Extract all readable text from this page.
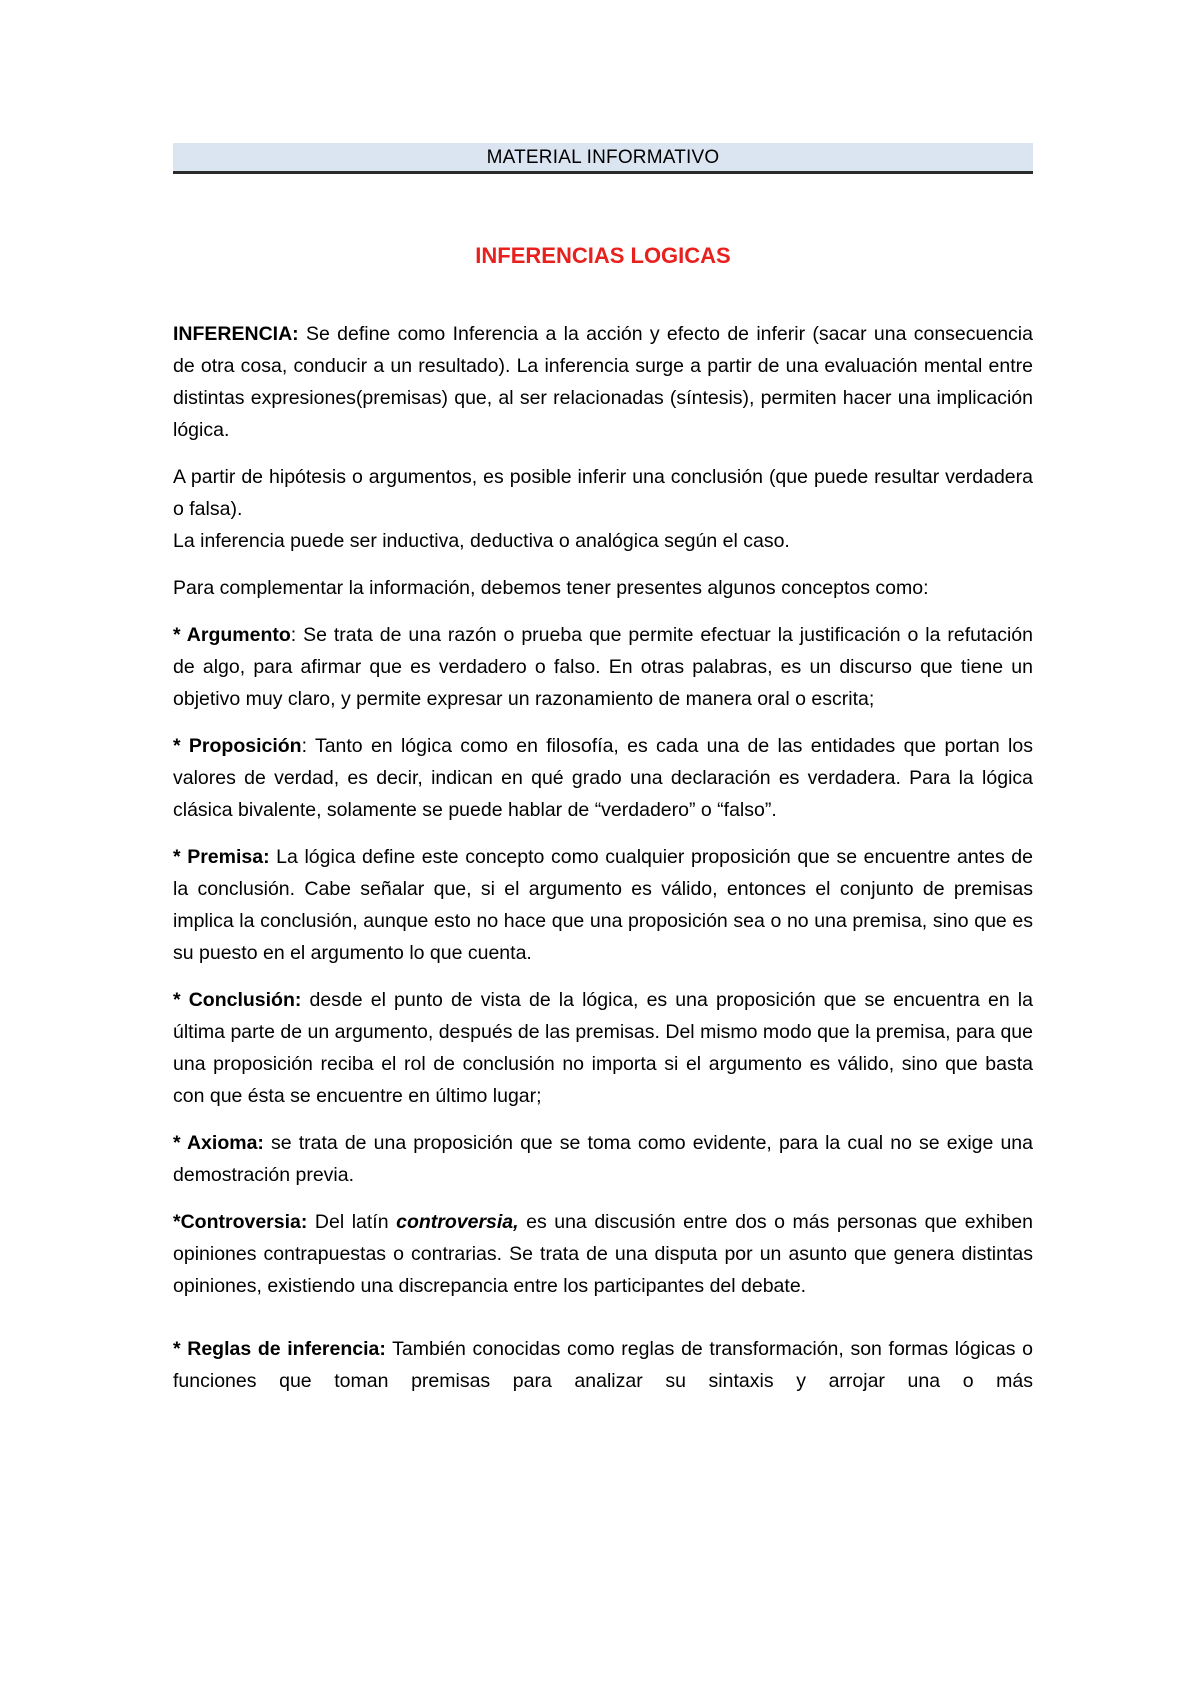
MATERIAL INFORMATIVO
INFERENCIAS LOGICAS

INFERENCIA: Se define como Inferencia a la acción y efecto de inferir (sacar una consecuencia de otra cosa, conducir a un resultado). La inferencia surge a partir de una evaluación mental entre distintas expresiones(premisas) que, al ser relacionadas (síntesis), permiten hacer una implicación lógica.

A partir de hipótesis o argumentos, es posible inferir una conclusión (que puede resultar verdadera o falsa).

La inferencia puede ser inductiva, deductiva o analógica según el caso.

Para complementar la información, debemos tener presentes algunos conceptos como:

* Argumento: Se trata de una razón o prueba que permite efectuar la justificación o la refutación de algo, para afirmar que es verdadero o falso. En otras palabras, es un discurso que tiene un objetivo muy claro, y permite expresar un razonamiento de manera oral o escrita;

* Proposición: Tanto en lógica como en filosofía, es cada una de las entidades que portan los valores de verdad, es decir, indican en qué grado una declaración es verdadera. Para la lógica clásica bivalente, solamente se puede hablar de “verdadero” o “falso”.

* Premisa: La lógica define este concepto como cualquier proposición que se encuentre antes de la conclusión. Cabe señalar que, si el argumento es válido, entonces el conjunto de premisas implica la conclusión, aunque esto no hace que una proposición sea o no una premisa, sino que es su puesto en el argumento lo que cuenta.

* Conclusión: desde el punto de vista de la lógica, es una proposición que se encuentra en la última parte de un argumento, después de las premisas. Del mismo modo que la premisa, para que una proposición reciba el rol de conclusión no importa si el argumento es válido, sino que basta con que ésta se encuentre en último lugar;

* Axioma: se trata de una proposición que se toma como evidente, para la cual no se exige una demostración previa.

*Controversia: Del latín controversia, es una discusión entre dos o más personas que exhiben opiniones contrapuestas o contrarias. Se trata de una disputa por un asunto que genera distintas opiniones, existiendo una discrepancia entre los participantes del debate.

* Reglas de inferencia: También conocidas como reglas de transformación, son formas lógicas o funciones que toman premisas para analizar su sintaxis y arrojar una o más
